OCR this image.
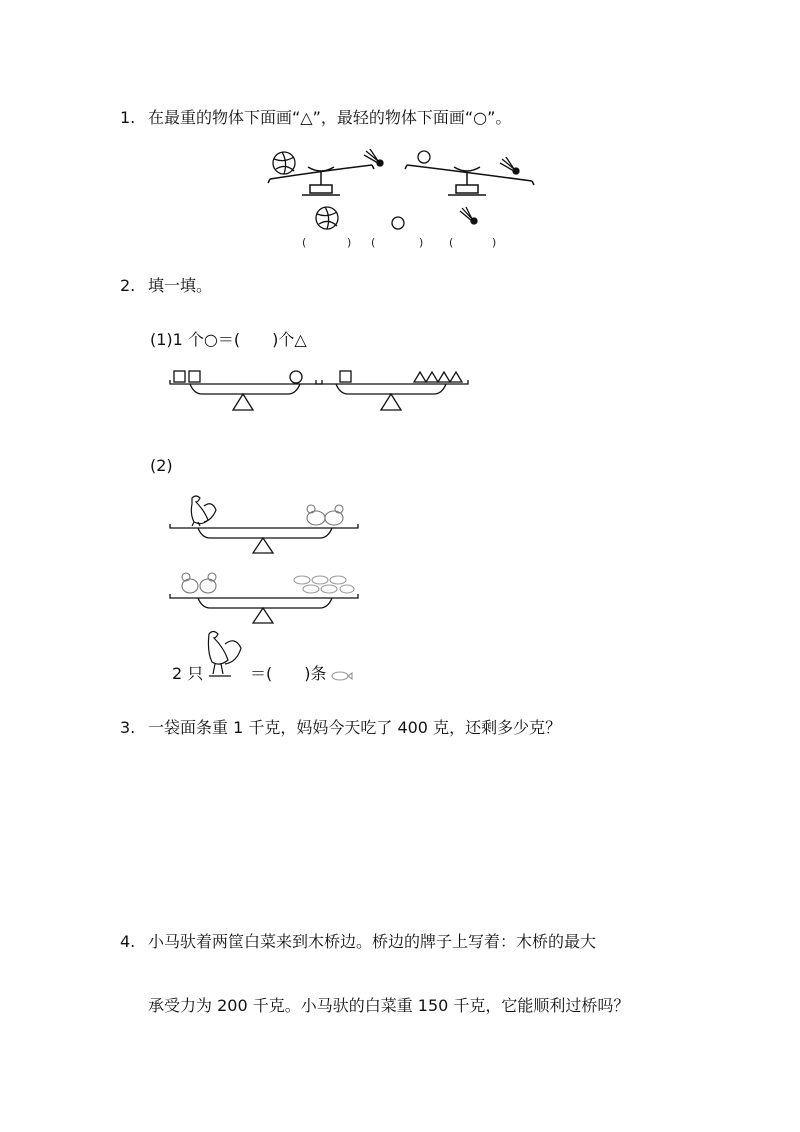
1. 在最重的物体下面画“△”，最轻的物体下面画“○”。
(	) (	) (	)
2. 填一填。
(1)1 个○＝(　　)个△
(2)
2 只	＝(　　)条
3. 一袋面条重 1 千克，妈妈今天吃了 400 克，还剩多少克？
4. 小马驮着两筐白菜来到木桥边。桥边的牌子上写着：木桥的最大
承受力为 200 千克。小马驮的白菜重 150 千克，它能顺利过桥吗？
